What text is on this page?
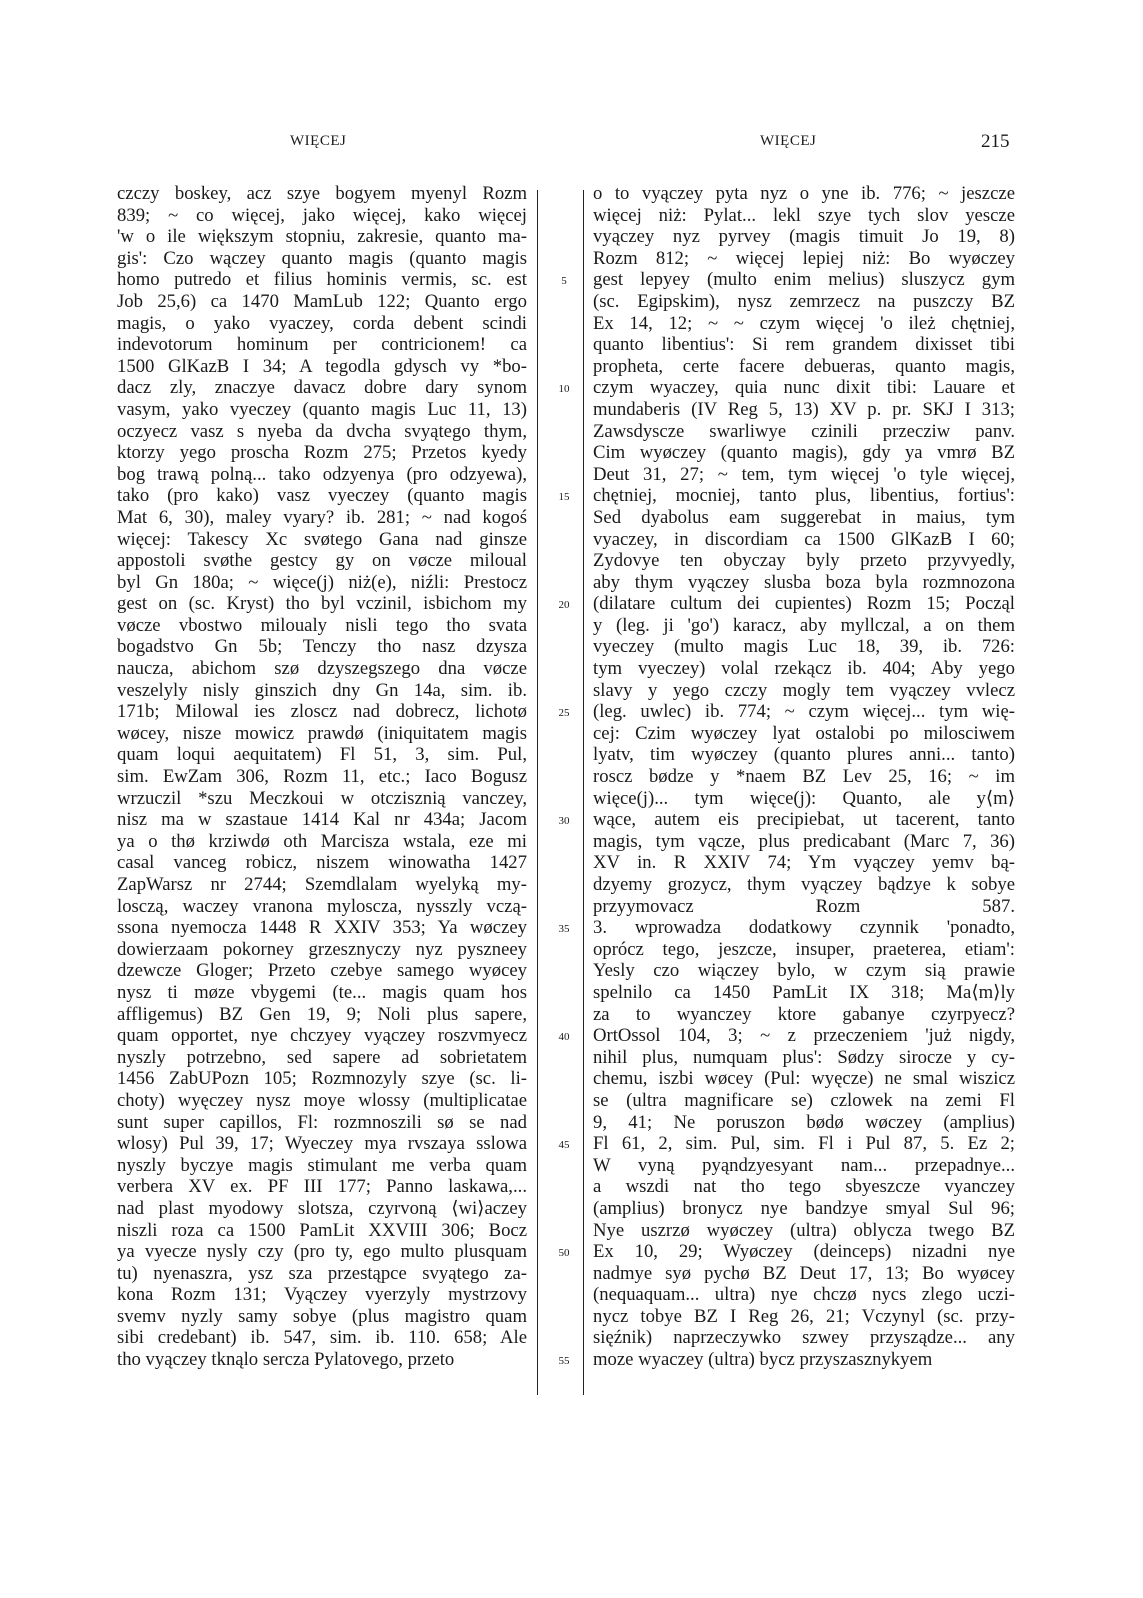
WIĘCEJ	WIĘCEJ	215
czczy boskey, acz szye bogyem myenyl Rozm
839; ~ co więcej, jako więcej, kako więcej
'w o ile większym stopniu, zakresie, quanto ma-
gis': Czo wączey quanto magis (quanto magis
homo putredo et filius hominis vermis, sc. est
Job 25,6) ca 1470 MamLub 122; Quanto ergo
magis, o yako vyaczey, corda debent scindi
indevotorum hominum per contricionem! ca
1500 GlKazB I 34; A tegodla gdysch vy *bo-
dacz zly, znaczye davacz dobre dary synom
vasym, yako vyeczey (quanto magis Luc 11, 13)
oczyecz vasz s nyeba da dvcha svyątego thym,
ktorzy yego proscha Rozm 275; Przetos kyedy
bog trawą polną... tako odzyenya (pro odzyewa),
tako (pro kako) vasz vyeczey (quanto magis
Mat 6, 30), maley vyary? ib. 281; ~ nad kogoś
więcej: Takescy Xc svøtego Gana nad ginsze
appostoli svøthe gestcy gy on vøcze miloual
byl Gn 180a; ~ więce(j) niż(e), niźli: Prestocz
gest on (sc. Kryst) tho byl vczinil, isbichom my
vøcze vbostwo miloualy nisli tego tho svata
bogadstvo Gn 5b; Tenczy tho nasz dzysza
naucza, abichom szø dzyszegszego dna vøcze
veszelyly nisly ginszich dny Gn 14a, sim. ib.
171b; Milowal ies zloscz nad dobrecz, lichotø
wøcey, nisze mowicz prawdø (iniquitatem magis
quam loqui aequitatem) Fl 51, 3, sim. Pul,
sim. EwZam 306, Rozm 11, etc.; Iaco Bogusz
wrzuczil *szu Meczkoui w otczisznią vanczey,
nisz ma w szastaue 1414 Kal nr 434a; Jacom
ya o thø krziwdø oth Marcisza wstala, eze mi
casal vanceg robicz, niszem winowatha 1427
ZapWarsz nr 2744; Szemdlalam wyelyką my-
losczą, waczey vranona myloscza, nysszly vczą-
ssona nyemocza 1448 R XXIV 353; Ya wøczey
dowierzaam pokorney grzesznyczy nyz pyszneey
dzewcze Gloger; Przeto czebye samego wyøcey
nysz ti møze vbygemi (te... magis quam hos
affligemus) BZ Gen 19, 9; Noli plus sapere,
quam opportet, nye chczyey vyączey roszvmyecz
nyszly potrzebno, sed sapere ad sobrietatem
1456 ZabUPozn 105; Rozmnozyly szye (sc. li-
choty) wyęczey nysz moye wlossy (multiplicatae
sunt super capillos, Fl: rozmnoszili sø se nad
wlosy) Pul 39, 17; Wyeczey mya rvszaya sslowa
nyszly byczye magis stimulant me verba quam
verbera XV ex. PF III 177; Panno laskawa,...
nad plast myodowy slotsza, czyrvoną ⟨wi⟩aczey
niszli roza ca 1500 PamLit XXVIII 306; Bocz
ya vyecze nysly czy (pro ty, ego multo plusquam
tu) nyenaszra, ysz sza przestąpce svyątego za-
kona Rozm 131; Vyączey vyerzyly mystrzovy
svemv nyzly samy sobye (plus magistro quam
sibi credebant) ib. 547, sim. ib. 110. 658; Ale
tho vyączey tknąlo sercza Pylatovego, przeto
5
10
15
20
25
30
35
40
45
50
55
o to vyączey pyta nyz o yne ib. 776; ~ jeszcze
więcej niż: Pylat... lekl szye tych slov yescze
vyączey nyz pyrvey (magis timuit Jo 19, 8)
Rozm 812; ~ więcej lepiej niż: Bo wyøczey
gest lepyey (multo enim melius) sluszycz gym
(sc. Egipskim), nysz zemrzecz na puszczy BZ
Ex 14, 12; ~ ~ czym więcej 'o ileż chętniej,
quanto libentius': Si rem grandem dixisset tibi
propheta, certe facere debueras, quanto magis,
czym wyaczey, quia nunc dixit tibi: Lauare et
mundaberis (IV Reg 5, 13) XV p. pr. SKJ I 313;
Zawsdyscze swarliwye czinili przecziw panv.
Cim wyøczey (quanto magis), gdy ya vmrø BZ
Deut 31, 27; ~ tem, tym więcej 'o tyle więcej,
chętniej, mocniej, tanto plus, libentius, fortius':
Sed dyabolus eam suggerebat in maius, tym
vyaczey, in discordiam ca 1500 GlKazB I 60;
Zydovye ten obyczay byly przeto przyvyedly,
aby thym vyączey slusba boza byla rozmnozona
(dilatare cultum dei cupientes) Rozm 15; Począl
y (leg. ji 'go') karacz, aby myllczal, a on them
vyeczey (multo magis Luc 18, 39, ib. 726:
tym vyeczey) volal rzekącz ib. 404; Aby yego
slavy y yego czczy mogly tem vyączey vvlecz
(leg. uwlec) ib. 774; ~ czym więcej... tym wię-
cej: Czim wyøczey lyat ostalobi po milosciwem
lyatv, tim wyøczey (quanto plures anni... tanto)
roscz bødze y *naem BZ Lev 25, 16; ~ im
więce(j)... tym więce(j): Quanto, ale y⟨m⟩
wące, autem eis precipiebat, ut tacerent, tanto
magis, tym vącze, plus predicabant (Marc 7, 36)
XV in. R XXIV 74; Ym vyączey yemv bą-
dzyemy grozycz, thym vyączey bądzye k sobye
przyymovacz Rozm 587.
3. wprowadza dodatkowy czynnik 'ponadto,
oprócz tego, jeszcze, insuper, praeterea, etiam':
Yesly czo wiączey bylo, w czym sią prawie
spelnilo ca 1450 PamLit IX 318; Ma⟨m⟩ly
za to wyanczey ktore gabanye czyrpyecz?
OrtOssol 104, 3; ~ z przeczeniem 'już nigdy,
nihil plus, numquam plus': Sødzy sirocze y cy-
chemu, iszbi wøcey (Pul: wyęcze) ne smal wiszicz
se (ultra magnificare se) czlowek na zemi Fl
9, 41; Ne poruszon bødø wøczey (amplius)
Fl 61, 2, sim. Pul, sim. Fl i Pul 87, 5. Ez 2;
W vyną pyąndzyesyant nam... przepadnye...
a wszdi nat tho tego sbyeszcze vyanczey
(amplius) bronycz nye bandzye smyal Sul 96;
Nye uszrzø wyøczey (ultra) oblycza twego BZ
Ex 10, 29; Wyøczey (deinceps) nizadni nye
nadmye syø pychø BZ Deut 17, 13; Bo wyøcey
(nequaquam... ultra) nye chczø nycs zlego uczi-
nycz tobye BZ I Reg 26, 21; Vczynyl (sc. przy-
sięźnik) naprzeczywko szwey przysządze... any
moze wyaczey (ultra) bycz przyszasznykyem
